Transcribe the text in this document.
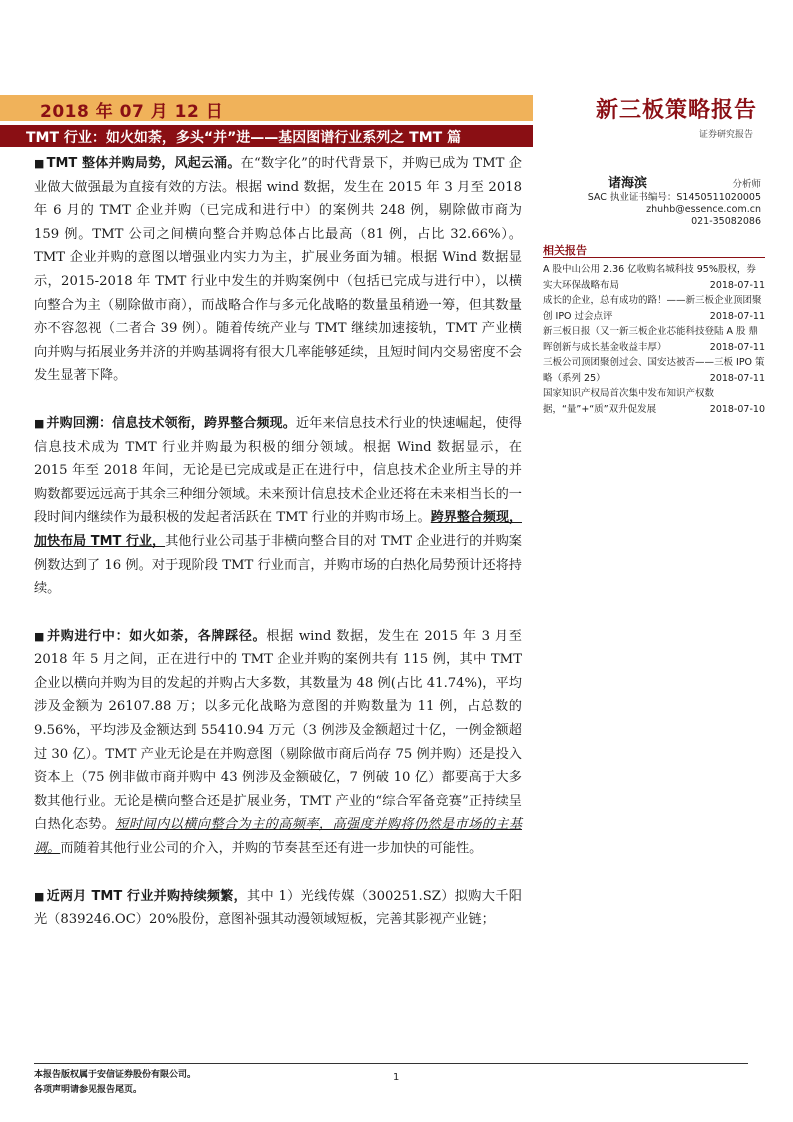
2018 年 07 月 12 日
TMT 行业：如火如荼，多头“并”进——基因图谱行业系列之 TMT 篇
新三板策略报告
证券研究报告
诸海滨	分析师
SAC 执业证书编号：S1450511020005
zhuhb@essence.com.cn
021-35082086
相关报告
A 股中山公用 2.36 亿收购名城科技 95%股权，券实大环保战略布局	2018-07-11
成长的企业，总有成功的路！——新三板企业顶团聚创 IPO 过会点评	2018-07-11
新三板日报（又一新三板企业芯能科技登陆 A 股 鼎晖创新与成长基金收益丰厚）	2018-07-11
三板公司顶团聚创过会、国安达被否——三板 IPO 策略（系列 25）	2018-07-11
国家知识产权局首次集中发布知识产权数据，“量”+“质”双升促发展	2018-07-10

■ TMT 整体并购局势，风起云涌。在“数字化”的时代背景下，并购已成为 TMT 企业做大做强最为直接有效的方法。根据 wind 数据，发生在 2015 年 3 月至 2018 年 6 月的 TMT 企业并购（已完成和进行中）的案例共 248 例，剔除做市商为 159 例。TMT 公司之间横向整合并购总体占比最高（81 例，占比 32.66%）。TMT 企业并购的意图以增强业内实力为主，扩展业务面为辅。根据 Wind 数据显示，2015-2018 年 TMT 行业中发生的并购案例中（包括已完成与进行中），以横向整合为主（剔除做市商），而战略合作与多元化战略的数量虽稍逊一筹，但其数量亦不容忽视（二者合 39 例）。随着传统产业与 TMT 继续加速接轨，TMT 产业横向并购与拓展业务并济的并购基调将有很大几率能够延续，且短时间内交易密度不会发生显著下降。

■ 并购回溯：信息技术领衔，跨界整合频现。近年来信息技术行业的快速崛起，使得信息技术成为 TMT 行业并购最为积极的细分领域。根据 Wind 数据显示，在 2015 年至 2018 年间，无论是已完成或是正在进行中，信息技术企业所主导的并购数都要远远高于其余三种细分领域。未来预计信息技术企业还将在未来相当长的一段时间内继续作为最积极的发起者活跃在 TMT 行业的并购市场上。跨界整合频现，加快布局 TMT 行业，其他行业公司基于非横向整合目的对 TMT 企业进行的并购案例数达到了 16 例。对于现阶段 TMT 行业而言，并购市场的白热化局势预计还将持续。

■ 并购进行中：如火如荼，各牌踩径。根据 wind 数据，发生在 2015 年 3 月至 2018 年 5 月之间，正在进行中的 TMT 企业并购的案例共有 115 例，其中 TMT 企业以横向并购为目的发起的并购占大多数，其数量为 48 例(占比 41.74%)，平均涉及金额为 26107.88 万；以多元化战略为意图的并购数量为 11 例，占总数的 9.56%，平均涉及金额达到 55410.94 万元（3 例涉及金额超过十亿，一例金额超过 30 亿）。TMT 产业无论是在并购意图（剔除做市商后尚存 75 例并购）还是投入资本上（75 例非做市商并购中 43 例涉及金额破亿，7 例破 10 亿）都要高于大多数其他行业。无论是横向整合还是扩展业务，TMT 产业的“综合军备竞赛”正持续呈白热化态势。短时间内以横向整合为主的高频率，高强度并购将仍然是市场的主基调。而随着其他行业公司的介入，并购的节奏甚至还有进一步加快的可能性。

■ 近两月 TMT 行业并购持续频繁，其中 1）光线传媒（300251.SZ）拟购大千阳光（839246.OC）20%股份，意图补强其动漫领域短板，完善其影视产业链；

本报告版权属于安信证券股份有限公司。
各项声明请参见报告尾页。
1
